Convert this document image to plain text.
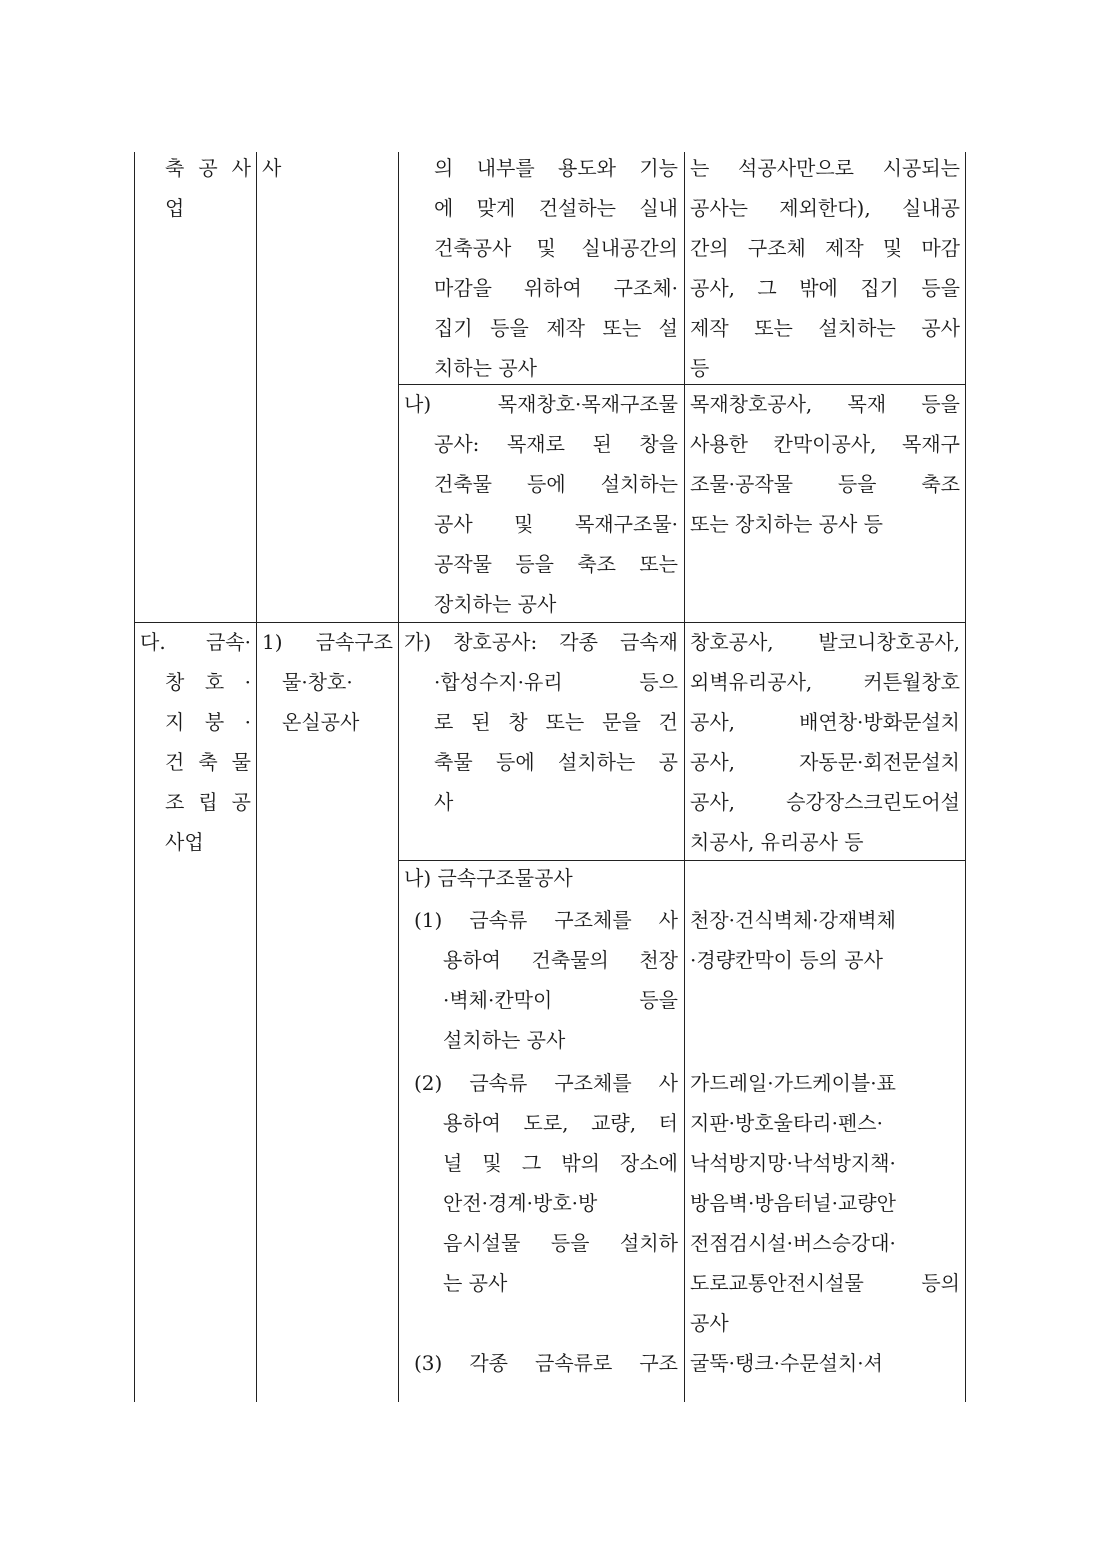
축 공 사
업
사	의 내부를 용도와 기능
에 맞게 건설하는 실내
건축공사 및 실내공간의
마감을 위하여 구조체·
집기 등을 제작 또는 설
치하는 공사
는 석공사만으로 시공되는
공사는 제외한다), 실내공
간의 구조체 제작 및 마감
공사, 그 밖에 집기 등을
제작 또는 설치하는 공사
등
나) 목재창호·목재구조물
공사: 목재로 된 창을
건축물 등에 설치하는
공사 및 목재구조물·
공작물 등을 축조 또는
장치하는 공사
목재창호공사, 목재 등을
사용한 칸막이공사, 목재구
조물·공작물 등을 축조
또는 장치하는 공사 등
다. 금속·
창 호 ·
지 붕 ·
건 축 물
조 립 공
사업
1) 금속구조
물·창호·
온실공사
가) 창호공사: 각종 금속재
·합성수지·유리 등으
로 된 창 또는 문을 건
축물 등에 설치하는 공
사
창호공사, 발코니창호공사,
외벽유리공사, 커튼월창호
공사, 배연창·방화문설치
공사, 자동문·회전문설치
공사, 승강장스크린도어설
치공사, 유리공사 등
나) 금속구조물공사
(1) 금속류 구조체를 사
용하여 건축물의 천장
·벽체·칸막이 등을
설치하는 공사
천장·건식벽체·강재벽체
·경량칸막이 등의 공사
(2) 금속류 구조체를 사
용하여 도로, 교량, 터
널 및 그 밖의 장소에
안전·경계·방호·방
음시설물 등을 설치하
는 공사
가드레일·가드케이블·표
지판·방호울타리·펜스·
낙석방지망·낙석방지책·
방음벽·방음터널·교량안
전점검시설·버스승강대·
도로교통안전시설물 등의
공사
(3) 각종 금속류로 구조 굴뚝·탱크·수문설치·셔
